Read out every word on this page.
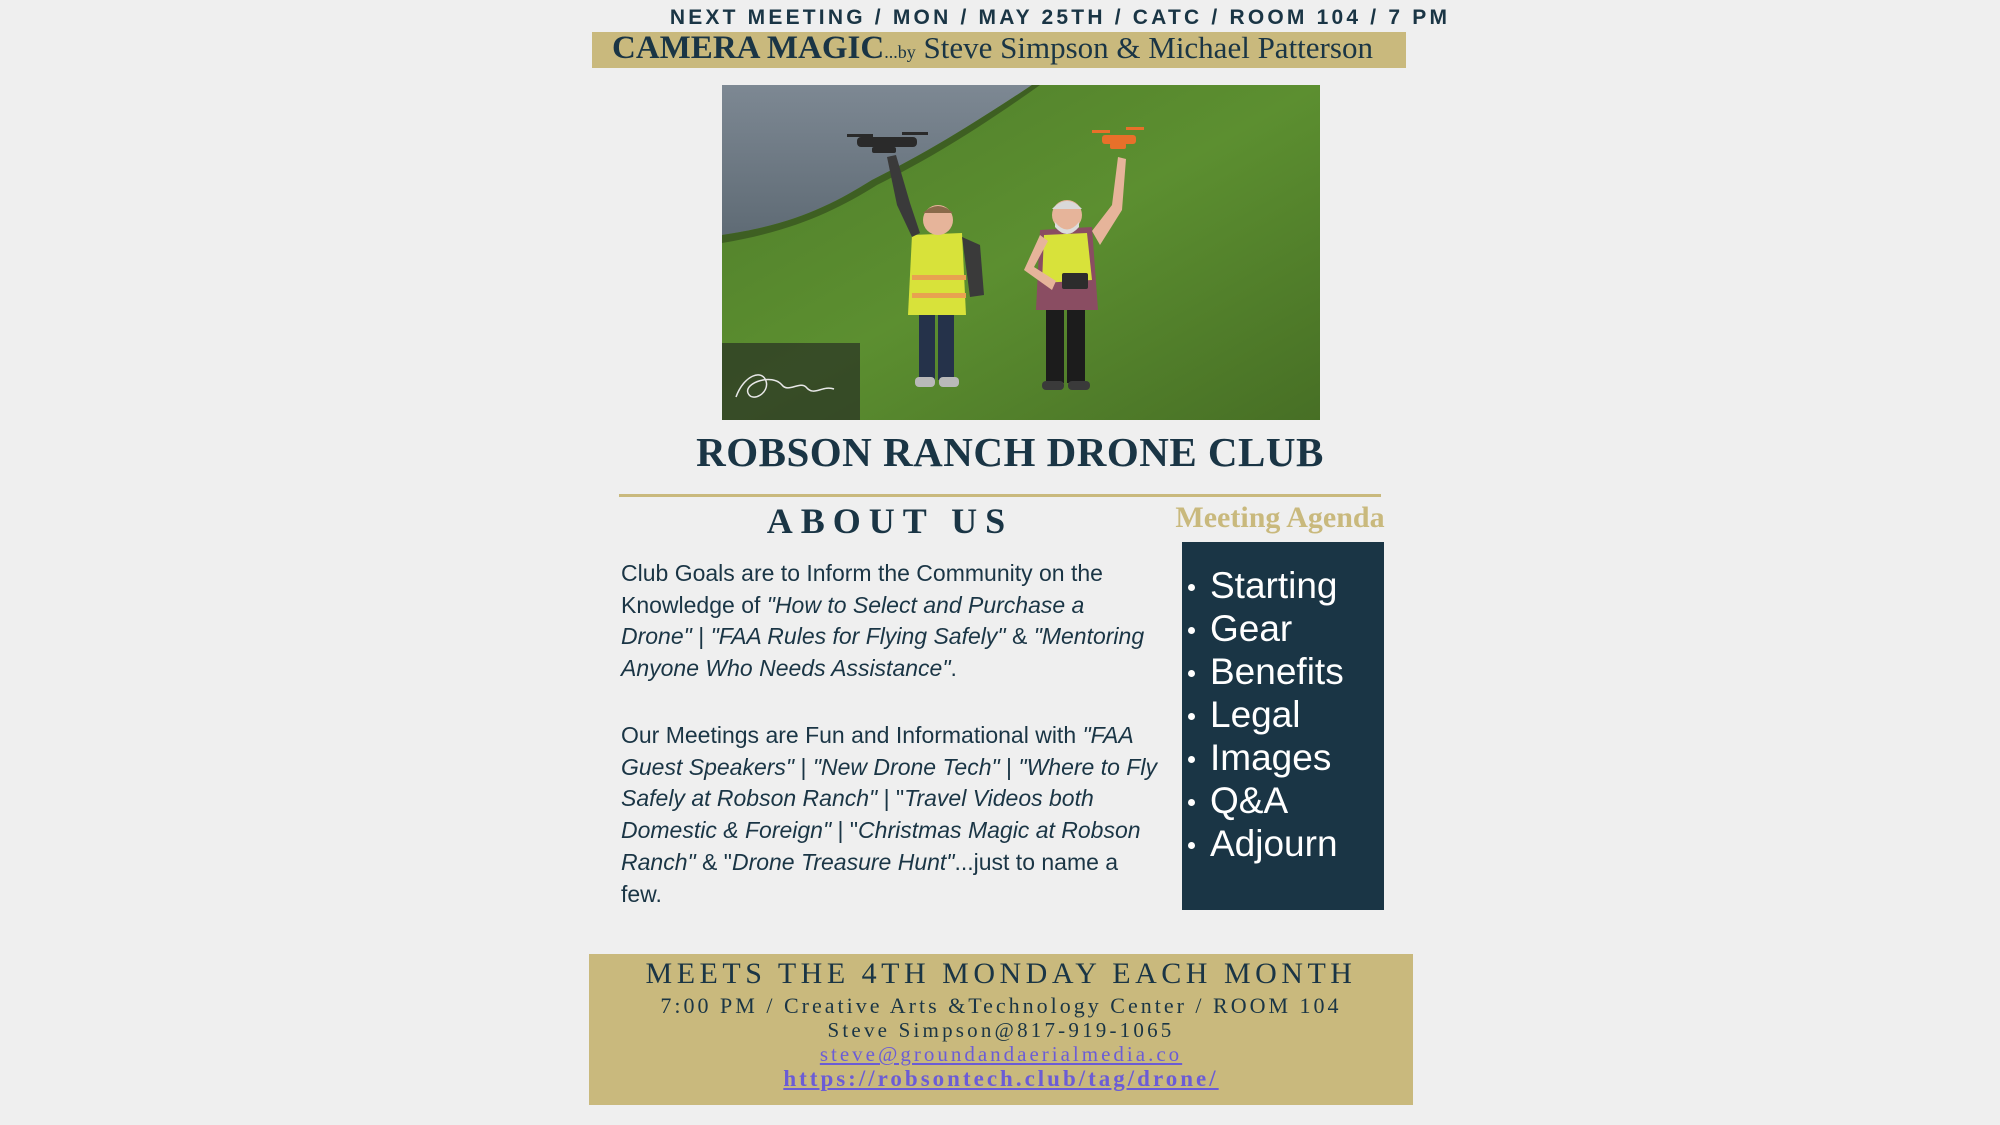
NEXT MEETING / MON / MAY 25TH / CATC / ROOM 104 / 7 PM
CAMERA MAGIC...by Steve Simpson & Michael Patterson
ROBSON RANCH DRONE CLUB
ABOUT US	Meeting Agenda
Club Goals are to Inform the Community on the Knowledge of "How to Select and Purchase a Drone" | "FAA Rules for Flying Safely" & "Mentoring Anyone Who Needs Assistance".
Our Meetings are Fun and Informational with "FAA Guest Speakers" | "New Drone Tech" | "Where to Fly Safely at Robson Ranch" | "Travel Videos both Domestic & Foreign" | "Christmas Magic at Robson Ranch" & "Drone Treasure Hunt"...just to name a few.
Starting
Gear
Benefits
Legal
Images
Q&A
Adjourn
MEETS THE 4TH MONDAY EACH MONTH
7:00 PM / Creative Arts &Technology Center / ROOM 104
Steve Simpson@817-919-1065
steve@groundandaerialmedia.co
https://robsontech.club/tag/drone/
